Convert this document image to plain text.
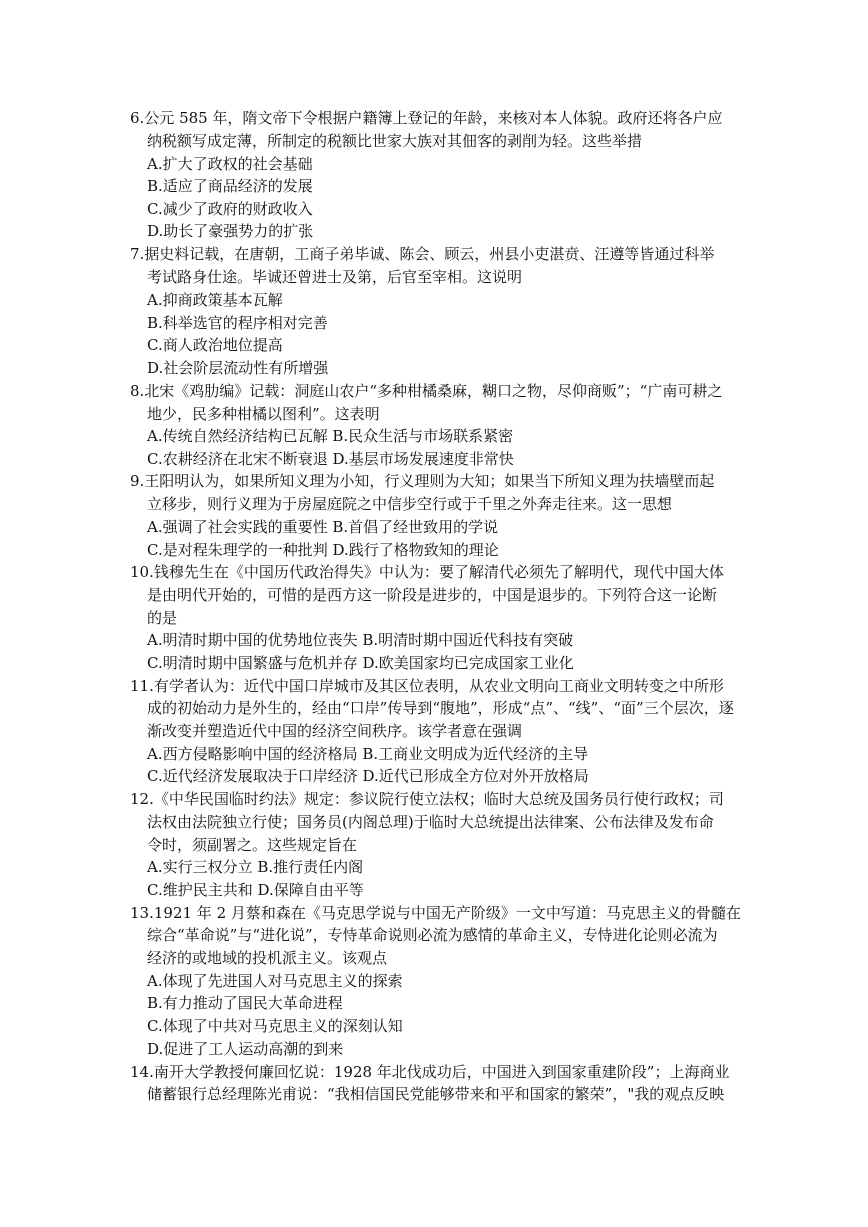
6.公元 585 年，隋文帝下令根据户籍簿上登记的年龄，来核对本人体貌。政府还将各户应
纳税额写成定薄，所制定的税额比世家大族对其佃客的剥削为轻。这些举措
A.扩大了政权的社会基础
B.适应了商品经济的发展
C.减少了政府的财政收入
D.助长了豪强势力的扩张
7.据史料记载，在唐朝，工商子弟毕诚、陈会、顾云，州县小吏湛贲、汪遵等皆通过科举
考试路身仕途。毕诚还曾进士及第，后官至宰相。这说明
A.抑商政策基本瓦解
B.科举选官的程序相对完善
C.商人政治地位提高
D.社会阶层流动性有所增强
8.北宋《鸡肋编》记载：洞庭山农户“多种柑橘桑麻，糊口之物，尽仰商贩”；“广南可耕之
地少，民多种柑橘以图利”。这表明
A.传统自然经济结构已瓦解 B.民众生活与市场联系紧密
C.农耕经济在北宋不断衰退 D.基层市场发展速度非常快
9.王阳明认为，如果所知义理为小知，行义理则为大知；如果当下所知义理为扶墙壁而起
立移步，则行义理为于房屋庭院之中信步空行或于千里之外奔走往来。这一思想
A.强调了社会实践的重要性 B.首倡了经世致用的学说
C.是对程朱理学的一种批判 D.践行了格物致知的理论
10.钱穆先生在《中国历代政治得失》中认为：要了解清代必须先了解明代，现代中国大体
是由明代开始的，可惜的是西方这一阶段是进步的，中国是退步的。下列符合这一论断
的是
A.明清时期中国的优势地位丧失 B.明清时期中国近代科技有突破
C.明清时期中国繁盛与危机并存 D.欧美国家均已完成国家工业化
11.有学者认为：近代中国口岸城市及其区位表明，从农业文明向工商业文明转变之中所形
成的初始动力是外生的，经由“口岸”传导到“腹地”，形成“点”、“线”、“面”三个层次，逐
渐改变并塑造近代中国的经济空间秩序。该学者意在强调
A.西方侵略影响中国的经济格局 B.工商业文明成为近代经济的主导
C.近代经济发展取决于口岸经济 D.近代已形成全方位对外开放格局
12.《中华民国临时约法》规定：参议院行使立法权；临时大总统及国务员行使行政权；司
法权由法院独立行使；国务员(内阁总理)于临时大总统提出法律案、公布法律及发布命
令时，须副署之。这些规定旨在
A.实行三权分立 B.推行责任内阁
C.维护民主共和 D.保障自由平等
13.1921 年 2 月蔡和森在《马克思学说与中国无产阶级》一文中写道：马克思主义的骨髓在
综合“革命说”与“进化说”，专恃革命说则必流为感情的革命主义，专恃进化论则必流为
经济的或地域的投机派主义。该观点
A.体现了先进国人对马克思主义的探索
B.有力推动了国民大革命进程
C.体现了中共对马克思主义的深刻认知
D.促进了工人运动高潮的到来
14.南开大学教授何廉回忆说：1928 年北伐成功后，中国进入到国家重建阶段”；上海商业
储蓄银行总经理陈光甫说：“我相信国民党能够带来和平和国家的繁荣”，"我的观点反映
